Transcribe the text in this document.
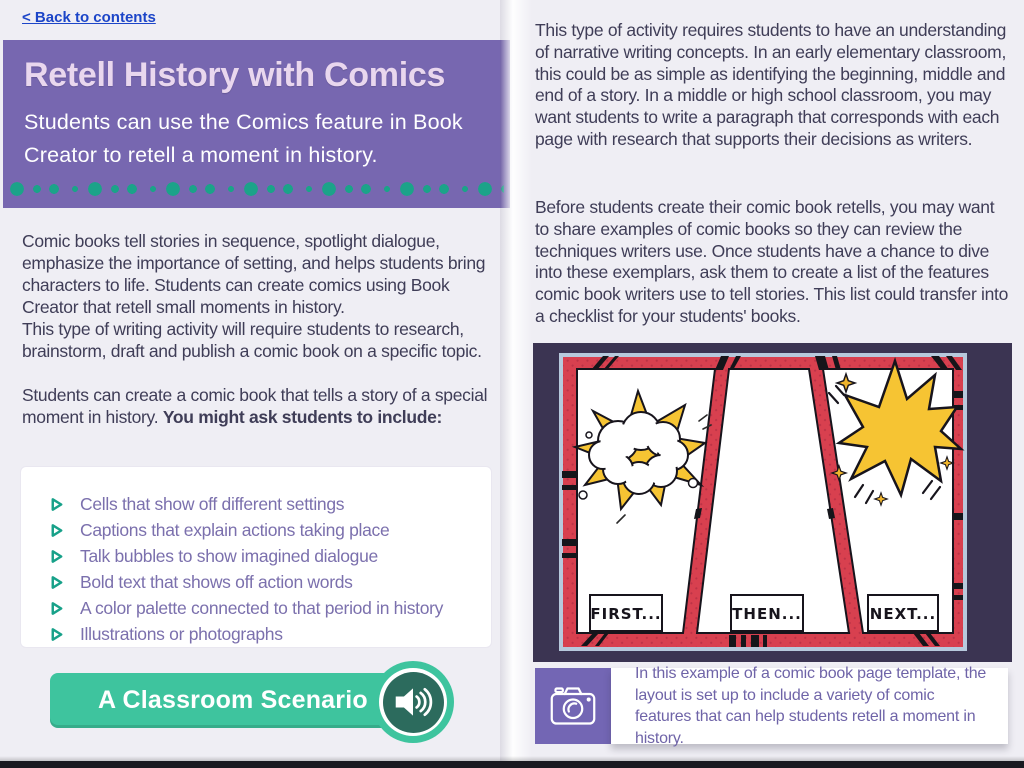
< Back to contents
Retell History with Comics

Students can use the Comics feature in Book Creator to retell a moment in history.

Comic books tell stories in sequence, spotlight dialogue, emphasize the importance of setting, and helps students bring characters to life. Students can create comics using Book Creator that retell small moments in history.

This type of writing activity will require students to research, brainstorm, draft and publish a comic book on a specific topic.

Students can create a comic book that tells a story of a special moment in history. You might ask students to include:

Cells that show off different settings
Captions that explain actions taking place
Talk bubbles to show imagined dialogue
Bold text that shows off action words
A color palette connected to that period in history
Illustrations or photographs
A Classroom Scenario

This type of activity requires students to have an understanding of narrative writing concepts. In an early elementary classroom, this could be as simple as identifying the beginning, middle and end of a story. In a middle or high school classroom, you may want students to write a paragraph that corresponds with each page with research that supports their decisions as writers.

Before students create their comic book retells, you may want to share examples of comic books so they can review the techniques writers use. Once students have a chance to dive into these exemplars, ask them to create a list of the features comic book writers use to tell stories. This list could transfer into a checklist for your students' books.

FIRST...	THEN...	NEXT...

In this example of a comic book page template, the layout is set up to include a variety of comic features that can help students retell a moment in history.
